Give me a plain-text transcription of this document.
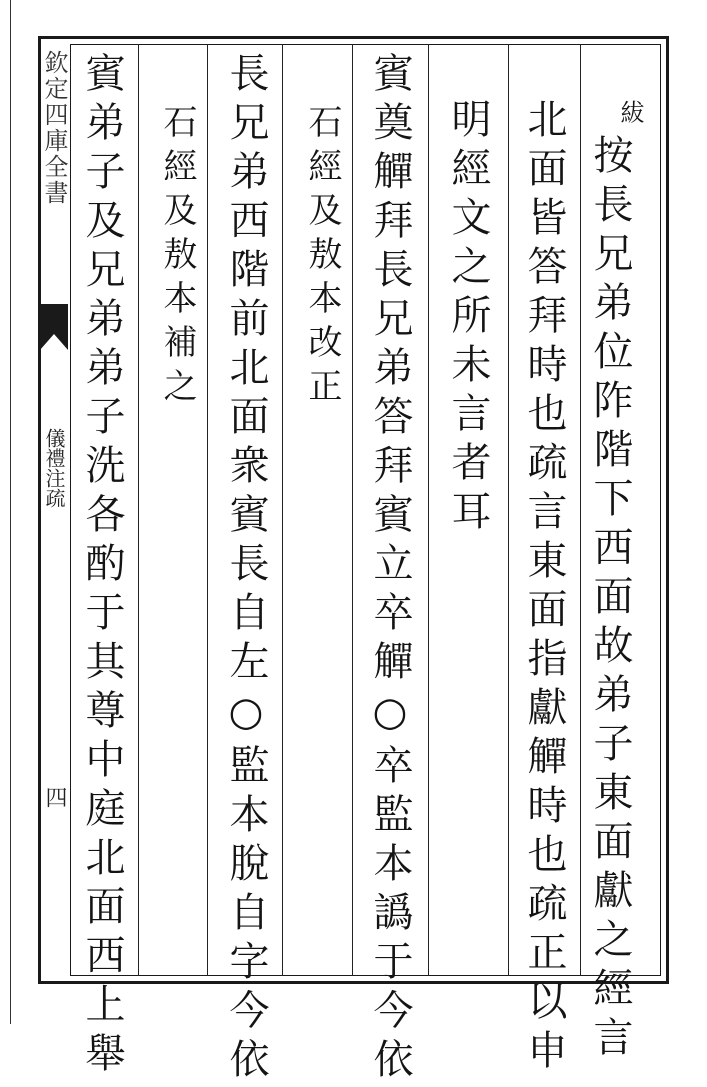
欽定四庫全書
儀禮注疏
四
紱
按長兄弟位阼階下西面故弟子東面獻之經言
北面皆答拜時也疏言東面指獻觶時也疏正以申
明經文之所未言者耳
賓奠觶拜長兄弟答拜賓立卒觶○卒監本譌于今依
石經及敖本改正
長兄弟西階前北面衆賓長自左○監本脫自字今依
石經及敖本補之
賓弟子及兄弟弟子洗各酌于其尊中庭北面西上舉
